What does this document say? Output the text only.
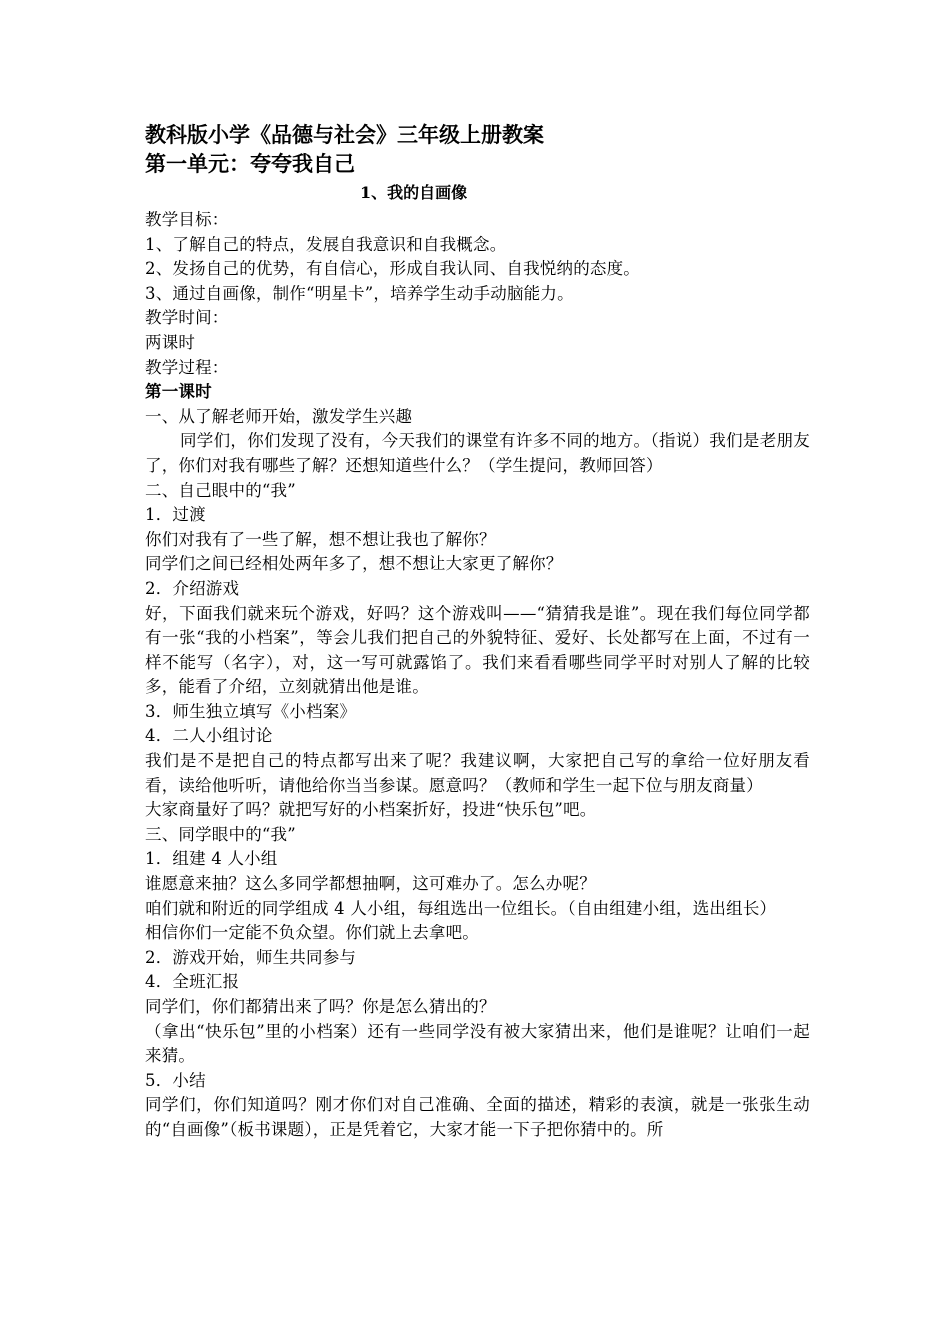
教科版小学《品德与社会》三年级上册教案

第一单元：夸夸我自己

1、我的自画像

教学目标：

1、了解自己的特点，发展自我意识和自我概念。

2、发扬自己的优势，有自信心，形成自我认同、自我悦纳的态度。

3、通过自画像，制作“明星卡”，培养学生动手动脑能力。

教学时间：

两课时

教学过程：

第一课时

一、从了解老师开始，激发学生兴趣

同学们，你们发现了没有，今天我们的课堂有许多不同的地方。（指说）我们是老朋友了，你们对我有哪些了解？还想知道些什么？（学生提问，教师回答）

二、自己眼中的“我”

1．过渡

你们对我有了一些了解，想不想让我也了解你？

同学们之间已经相处两年多了，想不想让大家更了解你？

2．介绍游戏

好，下面我们就来玩个游戏，好吗？这个游戏叫——“猜猜我是谁”。现在我们每位同学都有一张“我的小档案”，等会儿我们把自己的外貌特征、爱好、长处都写在上面，不过有一样不能写（名字），对，这一写可就露馅了。我们来看看哪些同学平时对别人了解的比较多，能看了介绍，立刻就猜出他是谁。

3．师生独立填写《小档案》

4．二人小组讨论

我们是不是把自己的特点都写出来了呢？我建议啊，大家把自己写的拿给一位好朋友看看，读给他听听，请他给你当当参谋。愿意吗？（教师和学生一起下位与朋友商量）

大家商量好了吗？就把写好的小档案折好，投进“快乐包”吧。

三、同学眼中的“我”

1．组建 4 人小组

谁愿意来抽？这么多同学都想抽啊，这可难办了。怎么办呢？

咱们就和附近的同学组成 4 人小组，每组选出一位组长。（自由组建小组，选出组长）

相信你们一定能不负众望。你们就上去拿吧。

2．游戏开始，师生共同参与

4．全班汇报

同学们，你们都猜出来了吗？你是怎么猜出的？

（拿出“快乐包”里的小档案）还有一些同学没有被大家猜出来，他们是谁呢？让咱们一起来猜。

5．小结

同学们，你们知道吗？刚才你们对自己准确、全面的描述，精彩的表演，就是一张张生动的“自画像”（板书课题），正是凭着它，大家才能一下子把你猜中的。所
